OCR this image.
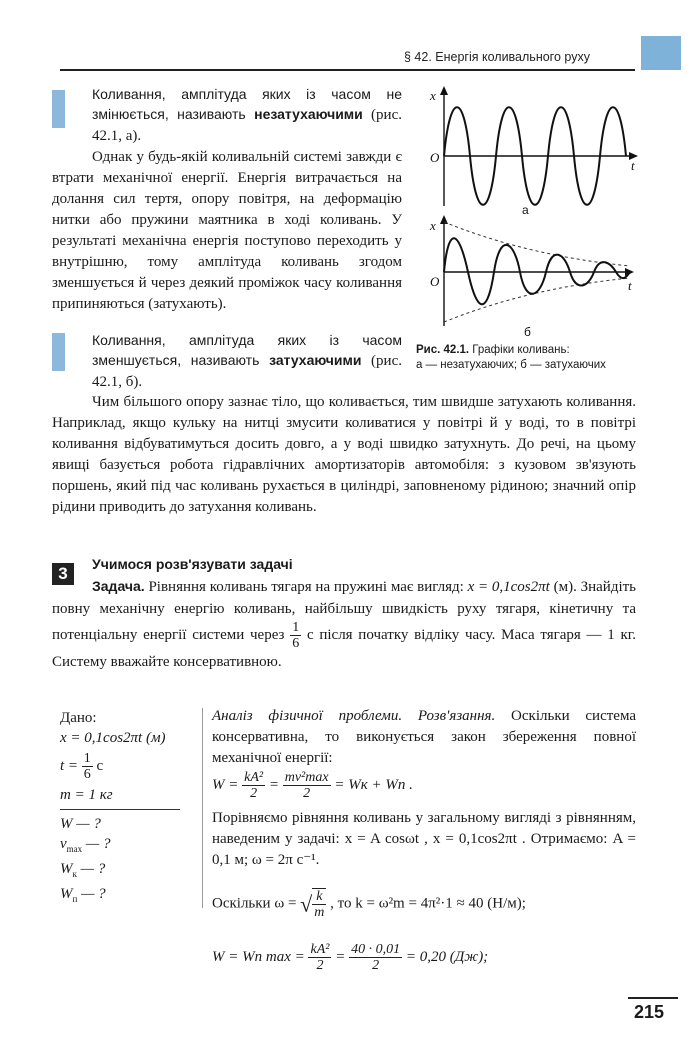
§ 42. Енергія коливального руху
Коливання, амплітуда яких із часом не змінюється, називають незатухаючими (рис. 42.1, а).
Однак у будь-якій коливальній системі завжди є втрати механічної енергії. Енергія витрачається на долання сил тертя, опору повітря, на деформацію нитки або пружини маятника в ході коливань. У результаті механічна енергія поступово переходить у внутрішню, тому амплітуда коливань згодом зменшується й через деякий проміжок часу коливання припиняються (затухають).
Коливання, амплітуда яких із часом зменшується, називають затухаючими (рис. 42.1, б).
x
O
t
а
x
O	t
б
Рис. 42.1. Графіки коливань:
а — незатухаючих; б — затухаючих
Чим більшого опору зазнає тіло, що коливається, тим швидше затухають коливання. Наприклад, якщо кульку на нитці змусити коливатися у повітрі й у воді, то в повітрі коливання відбуватимуться досить довго, а у воді швидко затухнуть. До речі, на цьому явищі базується робота гідравлічних амортизаторів автомобіля: з кузовом зв'язують поршень, який під час коливань рухається в циліндрі, заповненому рідиною; значний опір рідини приводить до затухання коливань.
3	Учимося розв'язувати задачі
Задача. Рівняння коливань тягаря на пружині має вигляд: x = 0,1cos2πt (м). Знайдіть повну механічну енергію коливань, найбільшу швидкість руху тягаря, кінетичну та потенціальну енергії системи через $\frac{1}{6}$ с після початку відліку часу. Маса тягаря — 1 кг. Систему вважайте консервативною.
Дано:
x = 0,1cos2πt (м)
$t = \frac{1}{6}$ с
m = 1 кг
W — ?
$v_{max}$ — ?
$W_к$ — ?
$W_п$ — ?
Аналіз фізичної проблеми. Розв'язання. Оскільки система консервативна, то виконується закон збереження повної механічної енергії:
$W = \frac{\text{kA²}}{2} = \frac{\text{mv²max}}{2}$ = Wк + Wп .
Порівняємо рівняння коливань у загальному вигляді з рівнянням, наведеним у задачі: x = A cosωt , x = 0,1cos2πt . Отримаємо: A = 0,1 м; ω = 2π с⁻¹.
Оскільки ω = √ $\frac{k}{m}$ , то k = ω²m = 4π²·1 ≈ 40 (Н/м);
W = Wп $\max = \frac{\text{kA²}}{2} = \frac{40 \cdot 0,01}{2} = 0,20$ (Дж);
215
